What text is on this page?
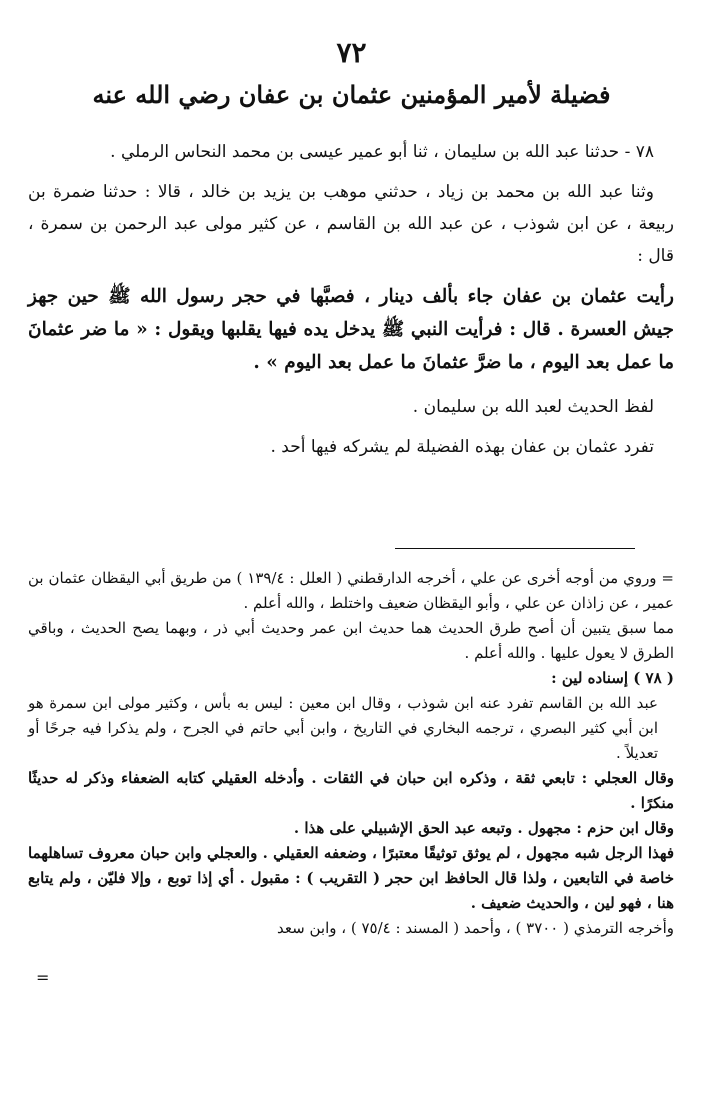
٧٢
فضيلة لأمير المؤمنين عثمان بن عفان رضي الله عنه

٧٨ - حدثنا عبد الله بن سليمان ، ثنا أبو عمير عيسى بن محمد النحاس الرملي .

وثنا عبد الله بن محمد بن زياد ، حدثني موهب بن يزيد بن خالد ، قالا : حدثنا ضمرة بن ربيعة ، عن ابن شوذب ، عن عبد الله بن القاسم ، عن كثير مولى عبد الرحمن بن سمرة ، قال :

رأيت عثمان بن عفان جاء بألف دينار ، فصبَّها في حجر رسول الله ﷺ حين جهز جيش العسرة . قال : فرأيت النبي ﷺ يدخل يده فيها يقلبها ويقول : « ما ضر عثمانَ ما عمل بعد اليوم ، ما ضرَّ عثمانَ ما عمل بعد اليوم » .

لفظ الحديث لعبد الله بن سليمان .

تفرد عثمان بن عفان بهذه الفضيلة لم يشركه فيها أحد .

= وروي من أوجه أخرى عن علي ، أخرجه الدارقطني ( العلل : ١٣٩/٤ ) من طريق أبي اليقظان عثمان بن عمير ، عن زاذان عن علي ، وأبو اليقظان ضعيف واختلط ، والله أعلم .

مما سبق يتبين أن أصح طرق الحديث هما حديث ابن عمر وحديث أبي ذر ، وبهما يصح الحديث ، وباقي الطرق لا يعول عليها . والله أعلم .

( ٧٨ ) إسناده لين :

عبد الله بن القاسم تفرد عنه ابن شوذب ، وقال ابن معين : ليس به بأس ، وكثير مولى ابن سمرة هو ابن أبي كثير البصري ، ترجمه البخاري في التاريخ ، وابن أبي حاتم في الجرح ، ولم يذكرا فيه جرحًا أو تعديلاً .

وقال العجلي : تابعي ثقة ، وذكره ابن حبان في الثقات . وأدخله العقيلي كتابه الضعفاء وذكر له حديثًا منكرًا .

وقال ابن حزم : مجهول . وتبعه عبد الحق الإشبيلي على هذا .

فهذا الرجل شبه مجهول ، لم يوثق توثيقًا معتبرًا ، وضعفه العقيلي . والعجلي وابن حبان معروف تساهلهما خاصة في التابعين ، ولذا قال الحافظ ابن حجر ( التقريب ) : مقبول . أي إذا توبع ، وإلا فليّن ، ولم يتابع هنا ، فهو لين ، والحديث ضعيف .

وأخرجه الترمذي ( ٣٧٠٠ ) ، وأحمد ( المسند : ٧٥/٤ ) ، وابن سعد

=
